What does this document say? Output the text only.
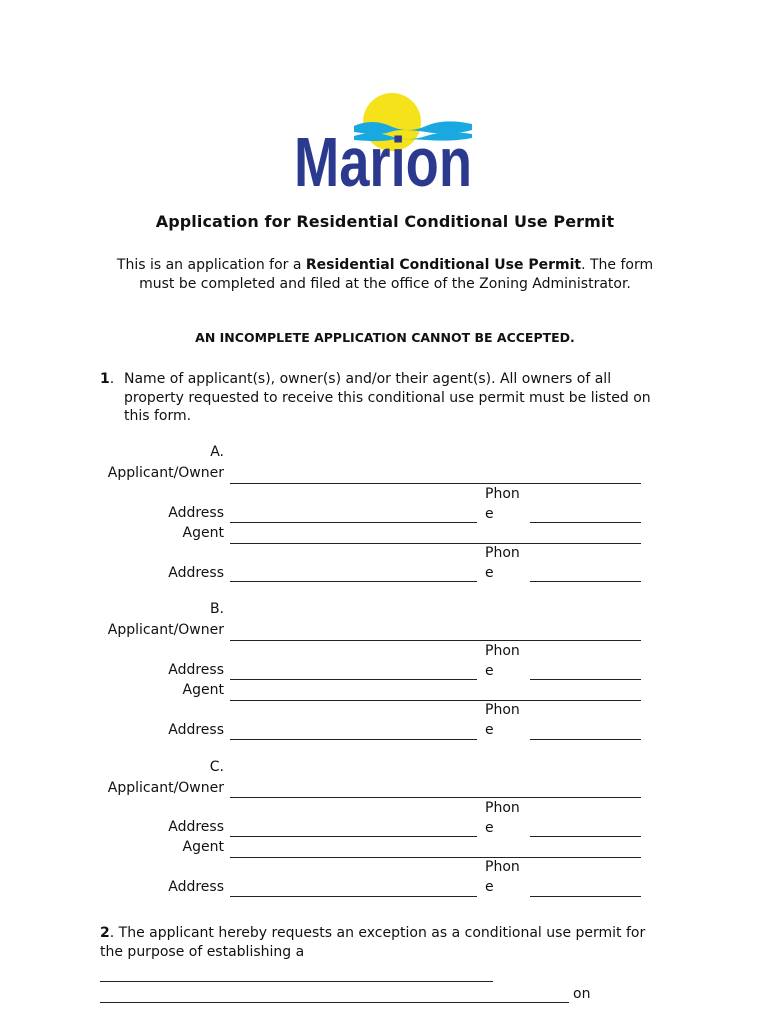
Marion
Application for Residential Conditional Use Permit
This is an application for a Residential Conditional Use Permit. The form must be completed and filed at the office of the Zoning Administrator.
AN INCOMPLETE APPLICATION CANNOT BE ACCEPTED.
1. Name of applicant(s), owner(s) and/or their agent(s). All owners of all property requested to receive this conditional use permit must be listed on this form.
A.
Applicant/Owner
Phon
e
Address
Agent
Phon
e
Address
B.
Applicant/Owner
Phon
e
Address
Agent
Phon
e
Address
C.
Applicant/Owner
Phon
e
Address
Agent
Phon
e
Address
2. The applicant hereby requests an exception as a conditional use permit for the purpose of establishing a
on
